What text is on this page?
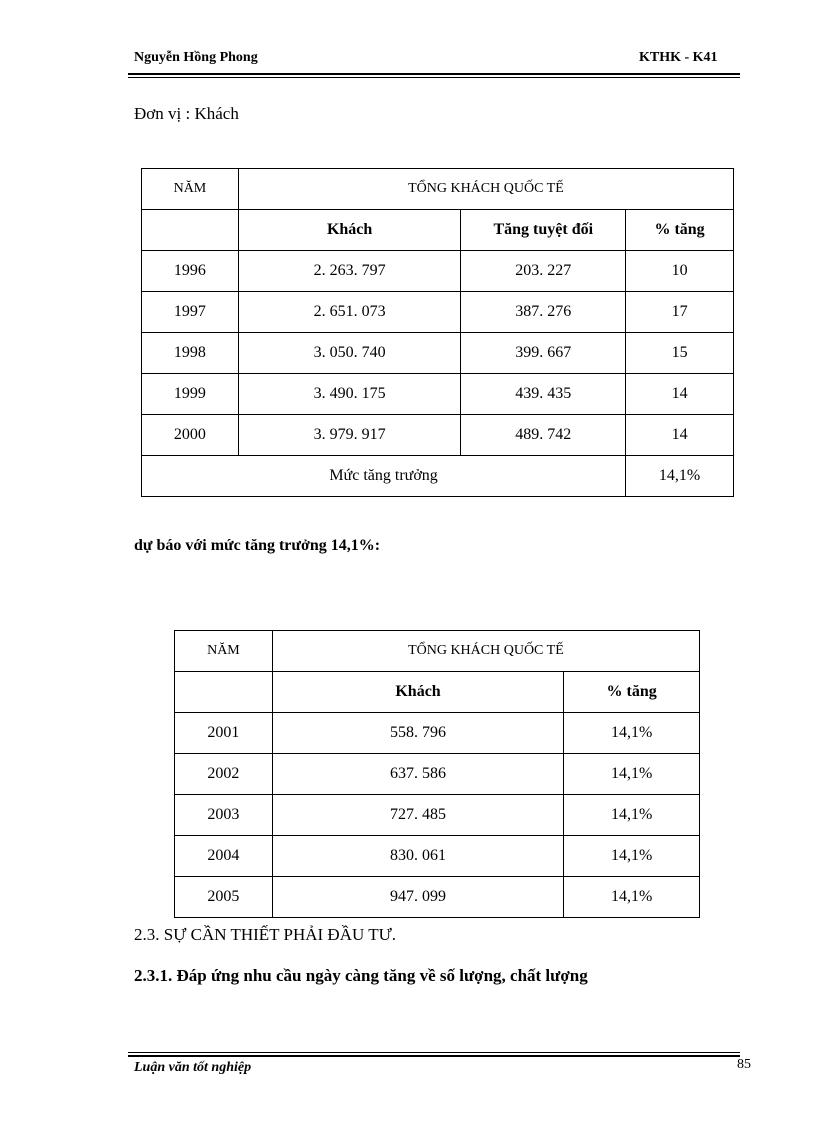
Nguyễn Hồng Phong	KTHK - K41
Đơn vị : Khách
NĂM	TỔNG KHÁCH QUỐC TẾ		
	Khách	Tăng tuyệt đối	% tăng
1996	2. 263. 797	203. 227	10
1997	2. 651. 073	387. 276	17
1998	3. 050. 740	399. 667	15
1999	3. 490. 175	439. 435	14
2000	3. 979. 917	489. 742	14
Mức tăng trưởng			14,1%
dự báo với mức tăng trưởng 14,1%:
NĂM	TỔNG KHÁCH QUỐC TẾ	
	Khách	% tăng
2001	558. 796	14,1%
2002	637. 586	14,1%
2003	727. 485	14,1%
2004	830. 061	14,1%
2005	947. 099	14,1%
2.3. SỰ CẦN THIẾT PHẢI ĐẦU TƯ.
2.3.1. Đáp ứng nhu cầu ngày càng tăng về số lượng, chất lượng
Luận văn tốt nghiệp	85
